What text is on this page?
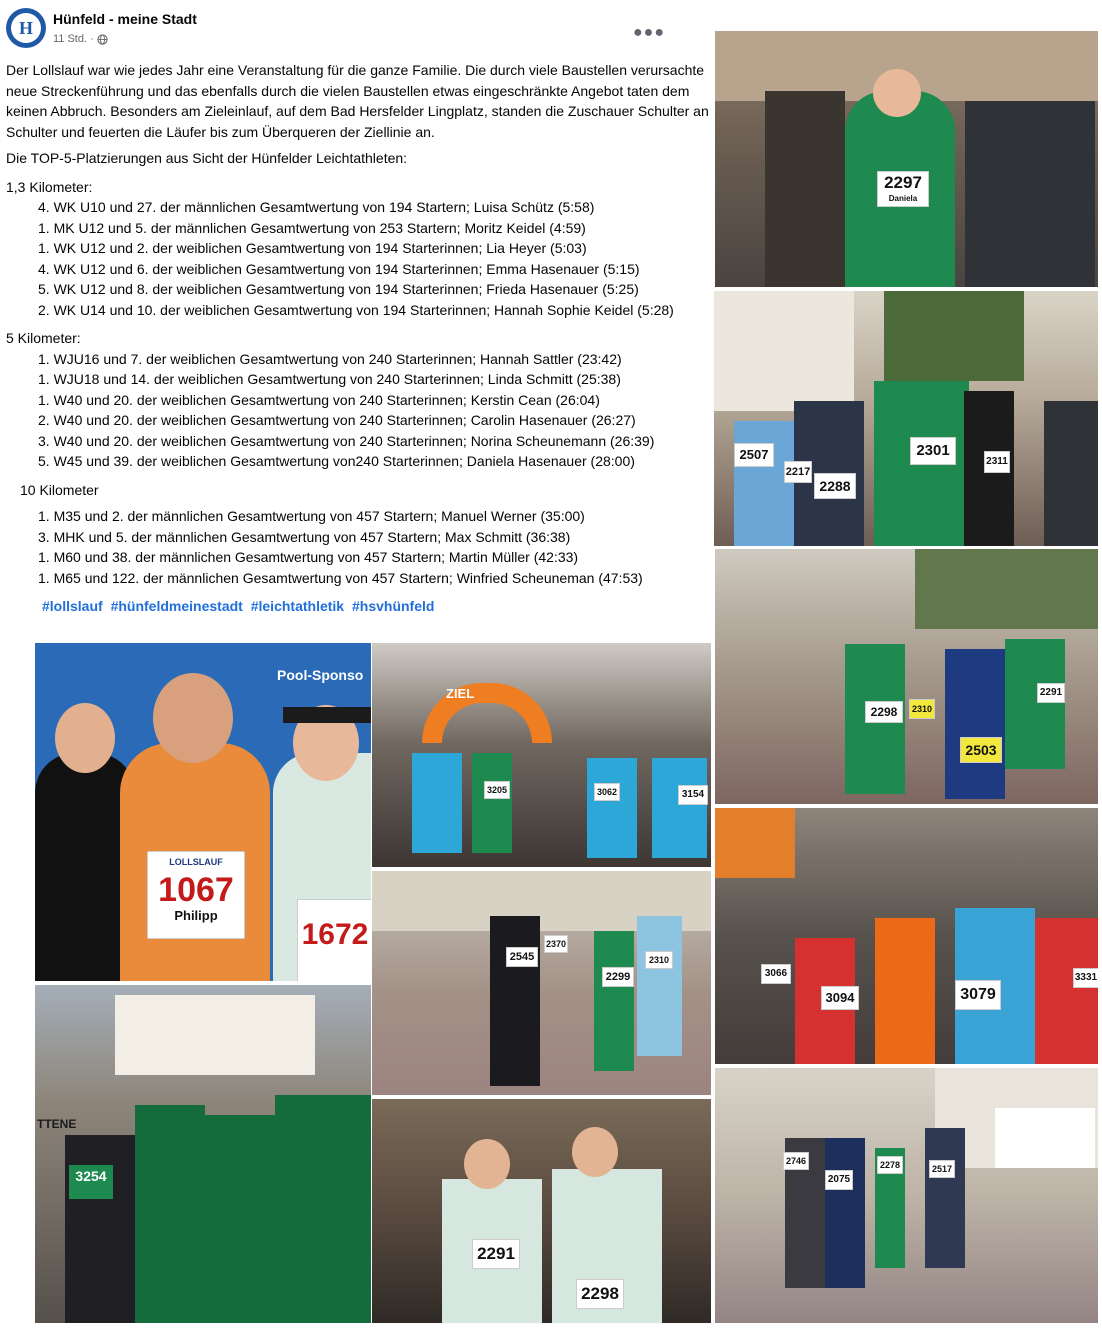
H Hünfeld - meine Stadt
11 Std. ·	●●●

Der Lollslauf war wie jedes Jahr eine Veranstaltung für die ganze Familie. Die durch viele Baustellen verursachte neue Streckenführung und das ebenfalls durch die vielen Baustellen etwas eingeschränkte Angebot taten dem keinen Abbruch. Besonders am Zieleinlauf, auf dem Bad Hersfelder Lingplatz, standen die Zuschauer Schulter an Schulter und feuerten die Läufer bis zum Überqueren der Ziellinie an.

Die TOP-5-Platzierungen aus Sicht der Hünfelder Leichtathleten:

1,3 Kilometer:
4. WK U10 und 27. der männlichen Gesamtwertung von 194 Startern; Luisa Schütz (5:58)
1. MK U12 und 5. der männlichen Gesamtwertung von 253 Startern; Moritz Keidel (4:59)
1. WK U12 und 2. der weiblichen Gesamtwertung von 194 Starterinnen; Lia Heyer (5:03)
4. WK U12 und 6. der weiblichen Gesamtwertung von 194 Starterinnen; Emma Hasenauer (5:15)
5. WK U12 und 8. der weiblichen Gesamtwertung von 194 Starterinnen; Frieda Hasenauer (5:25)
2. WK U14 und 10. der weiblichen Gesamtwertung von 194 Starterinnen; Hannah Sophie Keidel (5:28)
5 Kilometer:
1. WJU16 und 7. der weiblichen Gesamtwertung von 240 Starterinnen; Hannah Sattler (23:42)
1. WJU18 und 14. der weiblichen Gesamtwertung von 240 Starterinnen; Linda Schmitt (25:38)
1. W40 und 20. der weiblichen Gesamtwertung von 240 Starterinnen; Kerstin Cean (26:04)
2. W40 und 20. der weiblichen Gesamtwertung von 240 Starterinnen; Carolin Hasenauer (26:27)
3. W40 und 20. der weiblichen Gesamtwertung von 240 Starterinnen; Norina Scheunemann (26:39)
5. W45 und 39. der weiblichen Gesamtwertung von240 Starterinnen; Daniela Hasenauer (28:00)
10 Kilometer
1. M35 und 2. der männlichen Gesamtwertung von 457 Startern; Manuel Werner (35:00)
3. MHK und 5. der männlichen Gesamtwertung von 457 Startern; Max Schmitt (36:38)
1. M60 und 38. der männlichen Gesamtwertung von 457 Startern; Martin Müller (42:33)
1. M65 und 122. der männlichen Gesamtwertung von 457 Startern; Winfried Scheuneman (47:53)
#lollslauf #hünfeldmeinestadt #leichtathletik #hsvhünfeld
2297
Daniela
2507
2217
2288
2301
2311
2298
2503
2291
2310
3079
3094
3066	3331
2746
2075
2278	2517
Pool-Sponso
LOLLSLAUF
1067
Philipp
1672
ZIEL
3205	3154
3062
2545
2370
2299
2310
TTENE
3254
2291
2298
